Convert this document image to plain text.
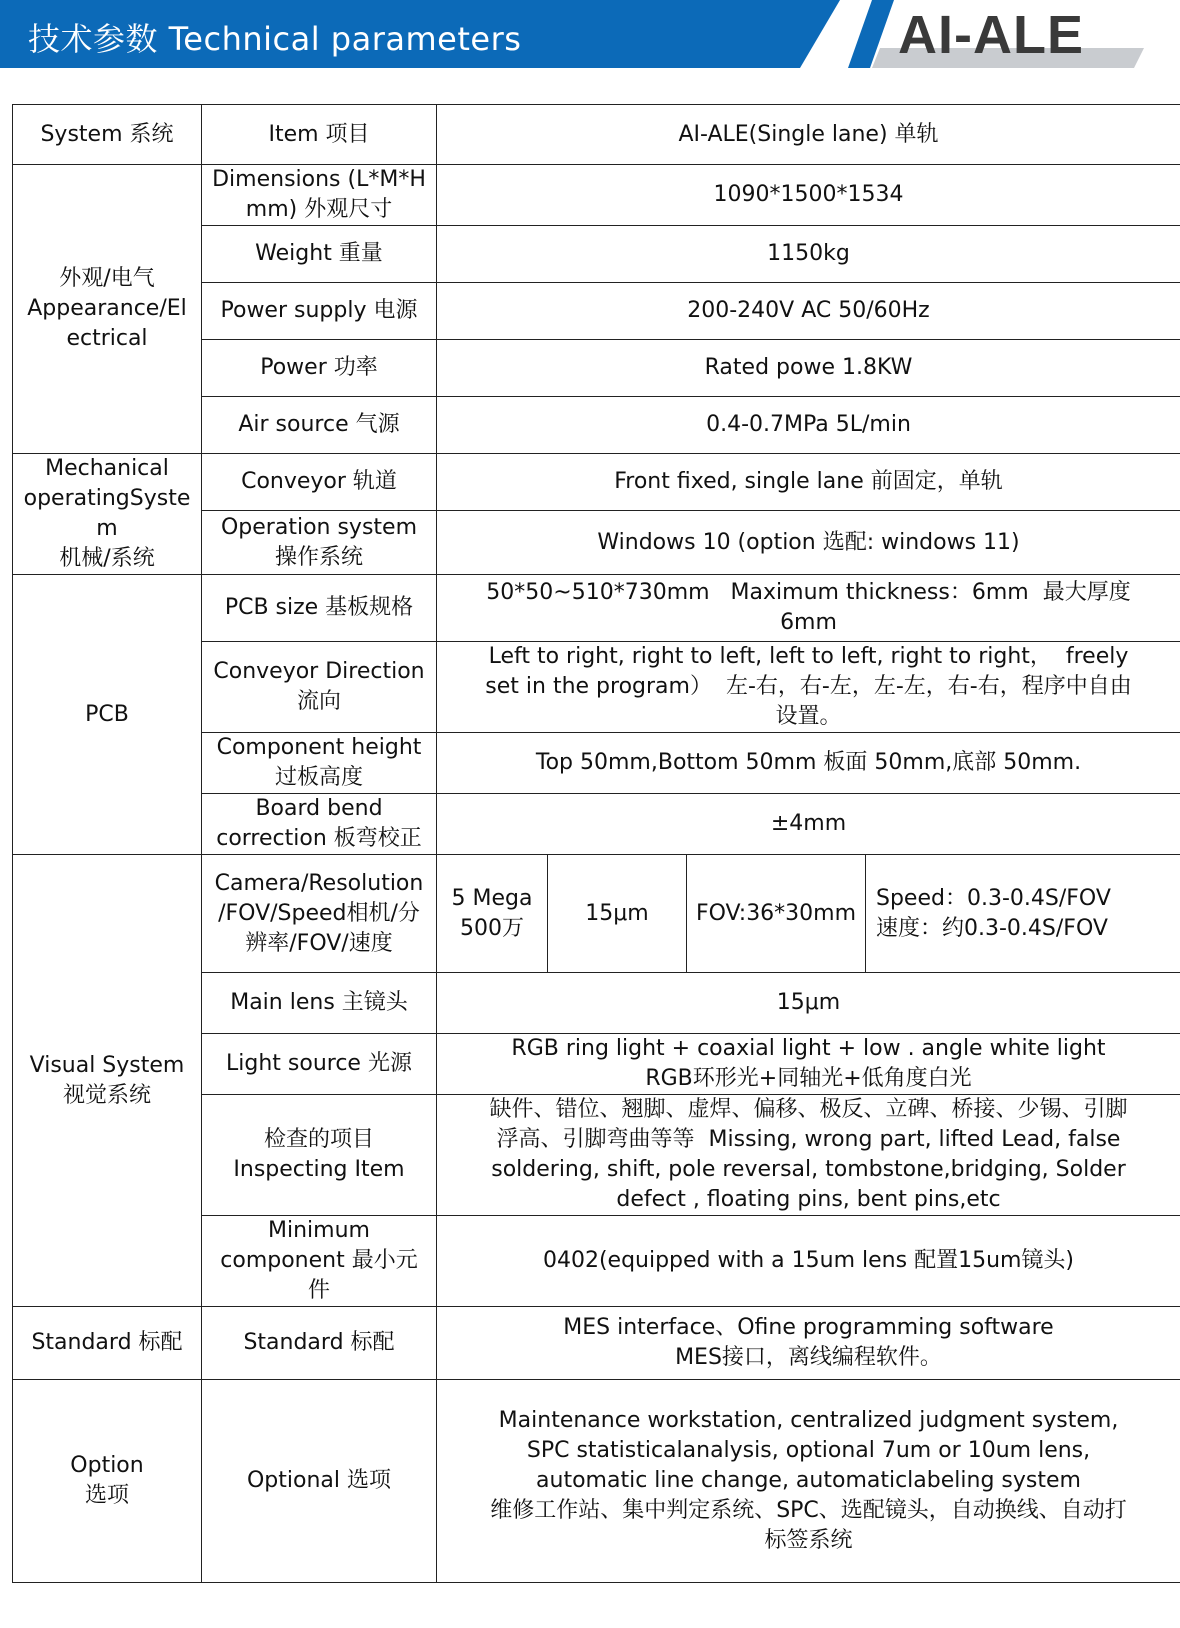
技术参数 Technical parameters	AI-ALE
System 系统	Item 项目	AI-ALE(Single lane) 单轨			
外观/电气
Appearance/El
ectrical	Dimensions (L*M*H
mm) 外观尺寸	1090*1500*1534			
	Weight 重量	1150kg			
	Power supply 电源	200-240V AC 50/60Hz			
	Power 功率	Rated powe 1.8KW			
	Air source 气源	0.4-0.7MPa 5L/min			
Mechanical
operatingSyste
m
机械/系统	Conveyor 轨道	Front fixed, single lane 前固定，单轨			
	Operation system
操作系统	Windows 10 (option 选配: windows 11)			
PCB	PCB size 基板规格	50*50~510*730mm   Maximum thickness：6mm  最大厚度
6mm			
	Conveyor Direction
流向	Left to right, right to left, left to left, right to right，  freely
set in the program）  左-右，右-左，左-左，右-右，程序中自由
设置。			
	Component height
过板高度	Top 50mm,Bottom 50mm 板面 50mm,底部 50mm.			
	Board bend
correction 板弯校正	±4mm			
Visual System
视觉系统	Camera/Resolution
/FOV/Speed相机/分
辨率/FOV/速度	5 Mega
500万	15μm	FOV:36*30mm	Speed：0.3-0.4S/FOV
速度：约0.3-0.4S/FOV
	Main lens 主镜头	15μm			
	Light source 光源	RGB ring light + coaxial light + low . angle white light
RGB环形光+同轴光+低角度白光			
	检查的项目
Inspecting Item	缺件、错位、翘脚、虚焊、偏移、极反、立碑、桥接、少锡、引脚
浮高、引脚弯曲等等  Missing, wrong part, lifted Lead, false
soldering, shift, pole reversal, tombstone,bridging, Solder
defect , floating pins, bent pins,etc			
	Minimum
component 最小元
件	0402(equipped with a 15um lens 配置15um镜头)			
Standard 标配	Standard 标配	MES interface、Ofine programming software
MES接口，离线编程软件。			
Option
选项	Optional 选项	Maintenance workstation, centralized judgment system,
SPC statisticalanalysis, optional 7um or 10um lens,
automatic line change, automaticlabeling system
维修工作站、集中判定系统、SPC、选配镜头，自动换线、自动打
标签系统			
